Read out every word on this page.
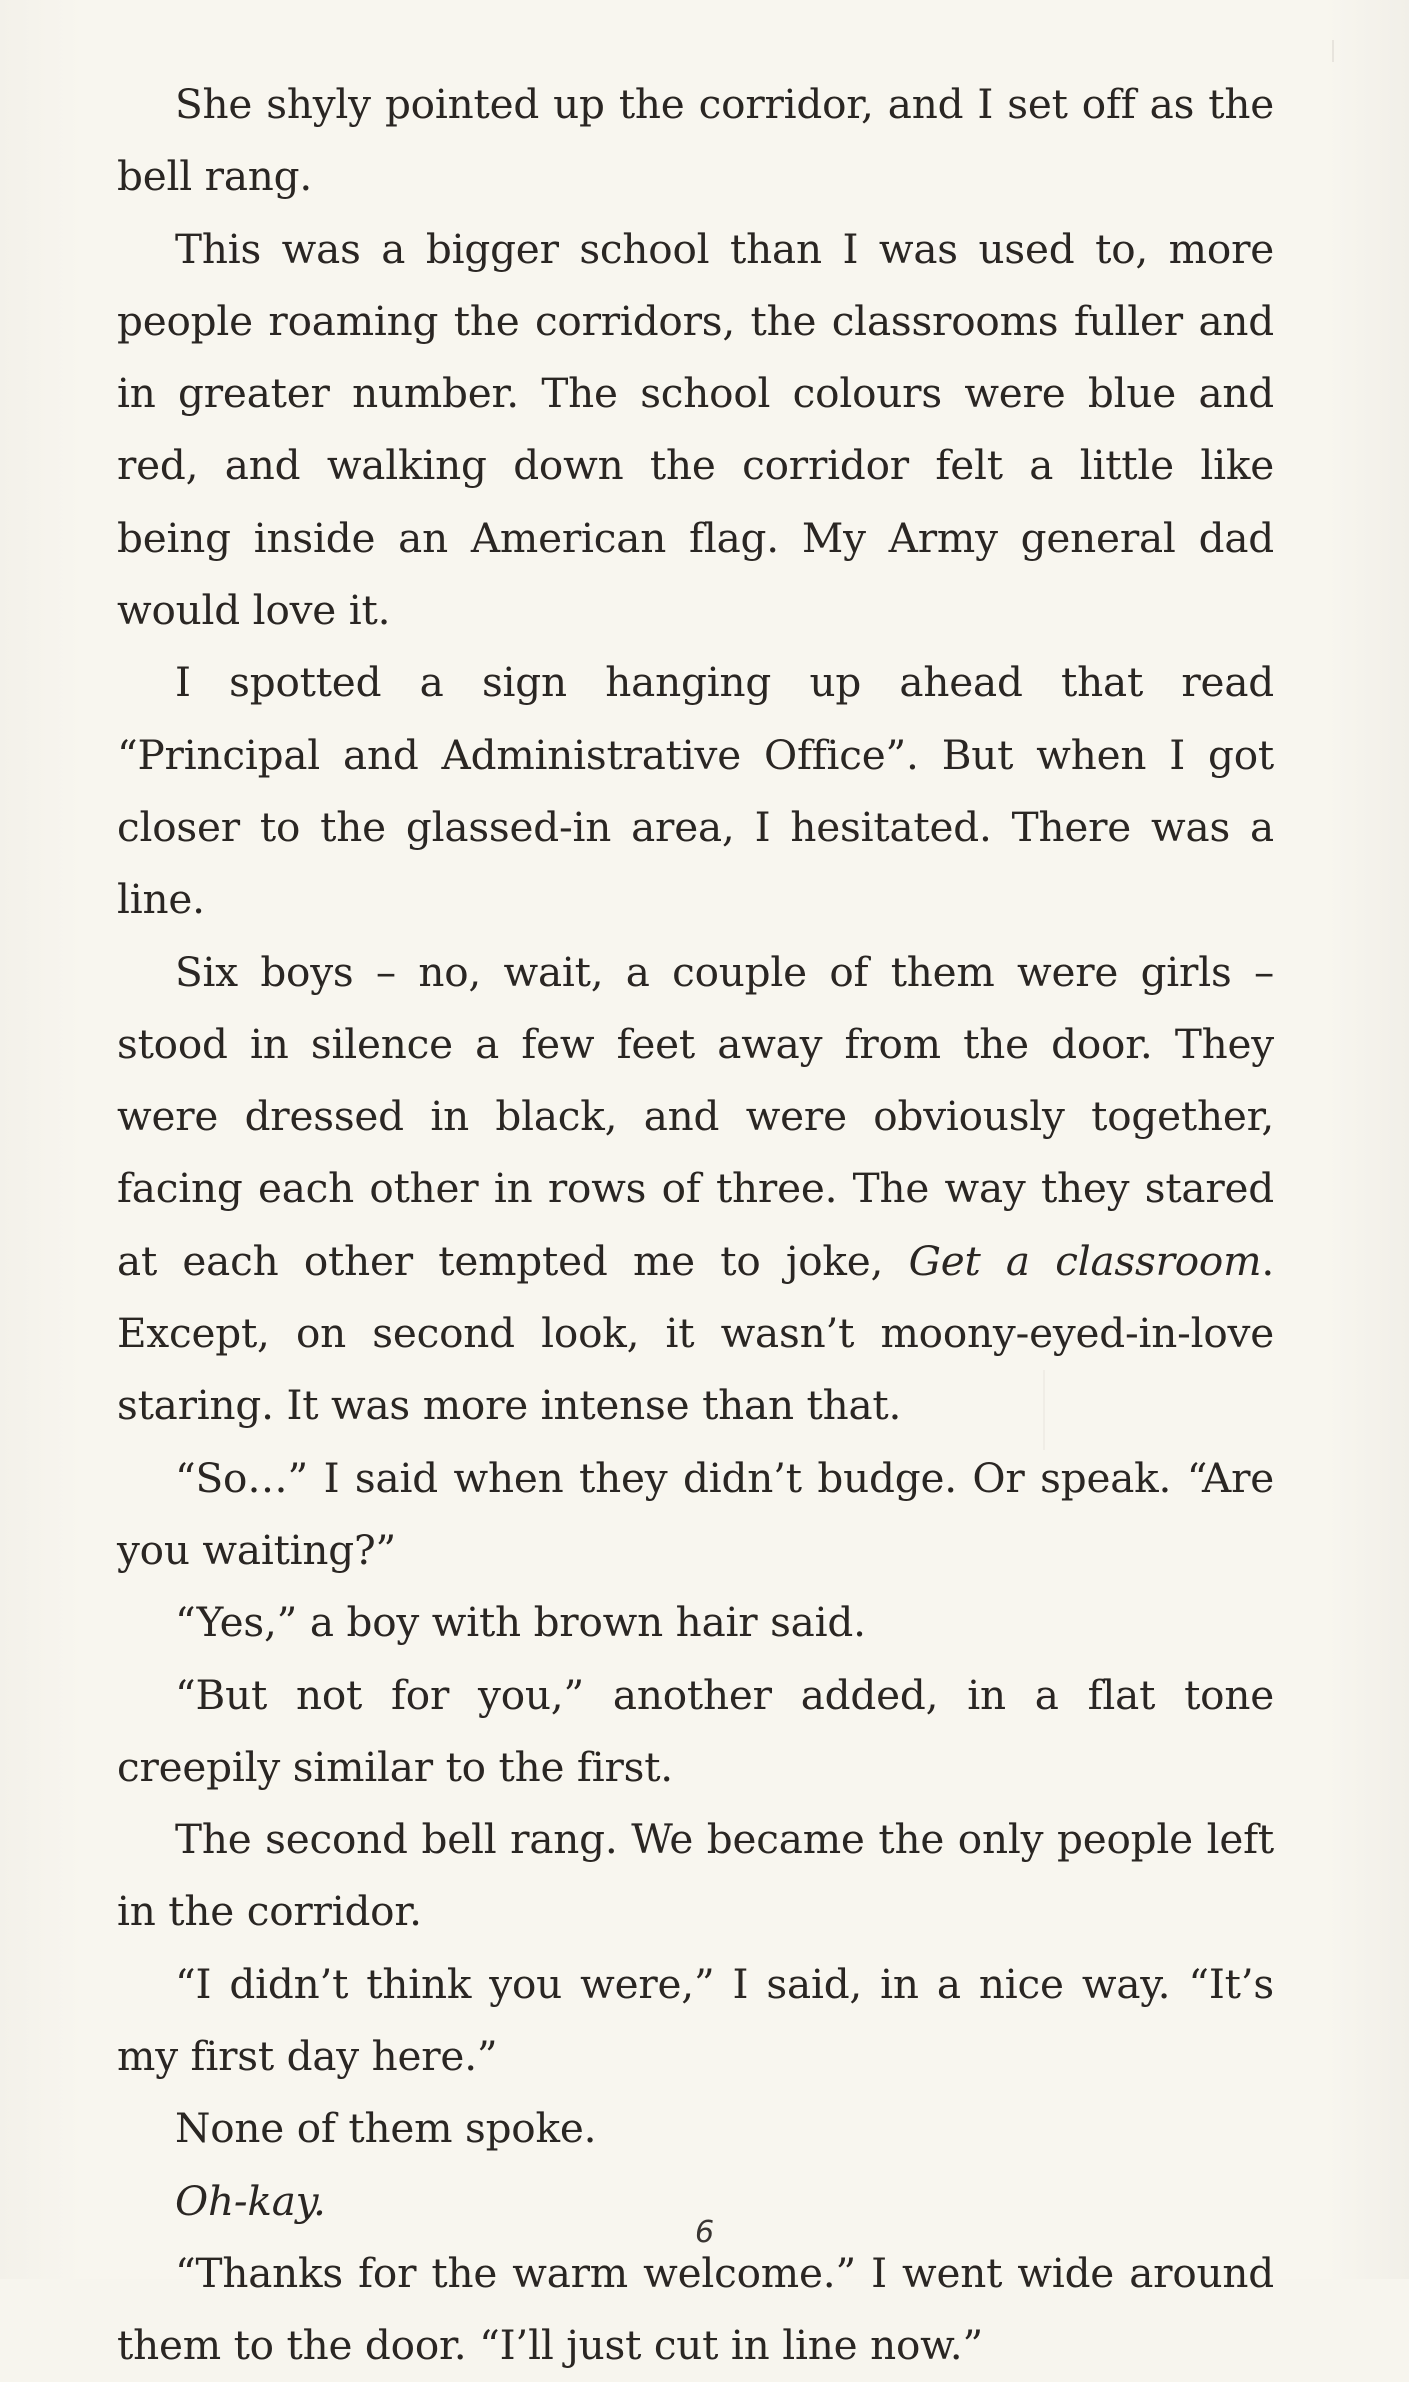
She shyly pointed up the corridor, and I set off as the bell rang.

This was a bigger school than I was used to, more people roaming the corridors, the classrooms fuller and in greater number. The school colours were blue and red, and walking down the corridor felt a little like being inside an American flag. My Army general dad would love it.

I spotted a sign hanging up ahead that read “Principal and Administrative Office”. But when I got closer to the glassed-in area, I hesitated. There was a line.

Six boys – no, wait, a couple of them were girls – stood in silence a few feet away from the door. They were dressed in black, and were obviously together, facing each other in rows of three. The way they stared at each other tempted me to joke, Get a classroom. Except, on second look, it wasn’t moony-eyed-in-love staring. It was more intense than that.

“So…” I said when they didn’t budge. Or speak. “Are you waiting?”

“Yes,” a boy with brown hair said.

“But not for you,” another added, in a flat tone creepily similar to the first.

The second bell rang. We became the only people left in the corridor.

“I didn’t think you were,” I said, in a nice way. “It’s my first day here.”

None of them spoke.

Oh-kay.

“Thanks for the warm welcome.” I went wide around them to the door. “I’ll just cut in line now.”

6
